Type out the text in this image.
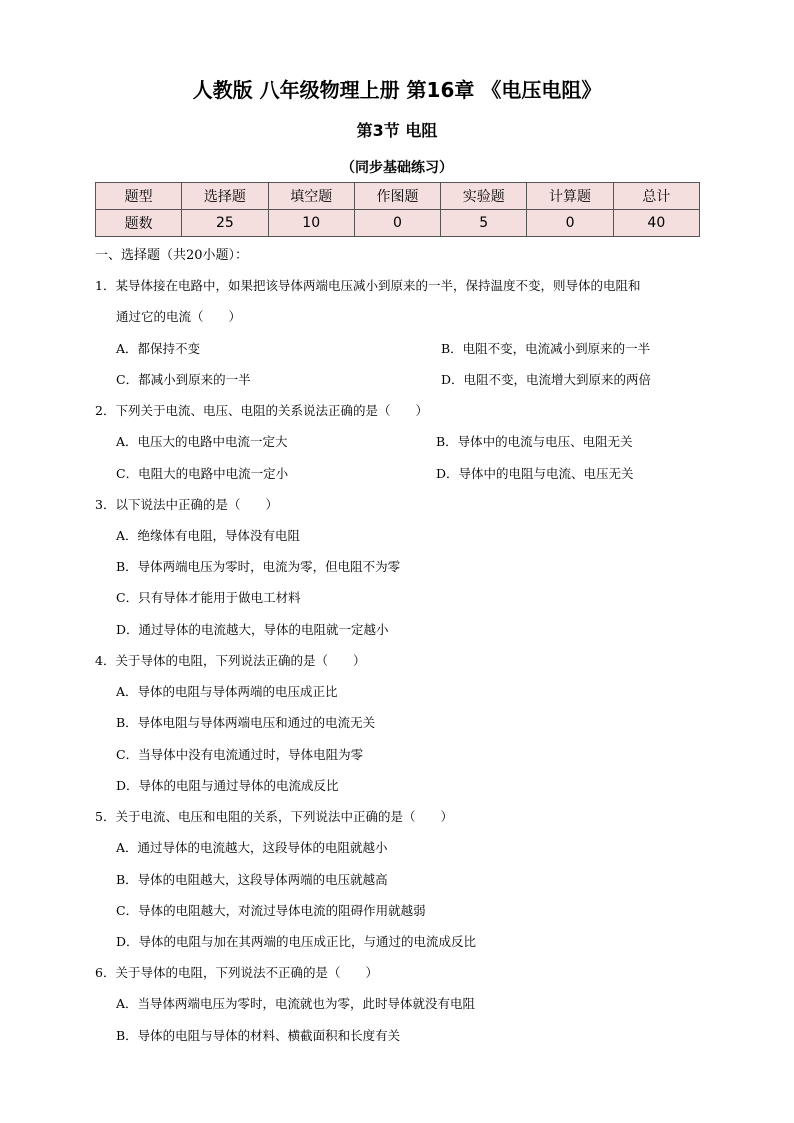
人教版 八年级物理上册 第16章 《电压电阻》
第3节 电阻
（同步基础练习）
题型	选择题	填空题	作图题	实验题	计算题	总计
题数	25	10	0	5	0	40
一、选择题（共20小题）：
1．某导体接在电路中，如果把该导体两端电压减小到原来的一半，保持温度不变，则导体的电阻和
通过它的电流（　　）
A．都保持不变	B．电阻不变，电流减小到原来的一半
C．都减小到原来的一半	D．电阻不变，电流增大到原来的两倍
2．下列关于电流、电压、电阻的关系说法正确的是（　　）
A．电压大的电路中电流一定大	B．导体中的电流与电压、电阻无关
C．电阻大的电路中电流一定小	D．导体中的电阻与电流、电压无关
3．以下说法中正确的是（　　）
A．绝缘体有电阻，导体没有电阻
B．导体两端电压为零时，电流为零，但电阻不为零
C．只有导体才能用于做电工材料
D．通过导体的电流越大，导体的电阻就一定越小
4．关于导体的电阻，下列说法正确的是（　　）
A．导体的电阻与导体两端的电压成正比
B．导体电阻与导体两端电压和通过的电流无关
C．当导体中没有电流通过时，导体电阻为零
D．导体的电阻与通过导体的电流成反比
5．关于电流、电压和电阻的关系，下列说法中正确的是（　　）
A．通过导体的电流越大，这段导体的电阻就越小
B．导体的电阻越大，这段导体两端的电压就越高
C．导体的电阻越大，对流过导体电流的阻碍作用就越弱
D．导体的电阻与加在其两端的电压成正比，与通过的电流成反比
6．关于导体的电阻，下列说法不正确的是（　　）
A．当导体两端电压为零时，电流就也为零，此时导体就没有电阻
B．导体的电阻与导体的材料、横截面积和长度有关
